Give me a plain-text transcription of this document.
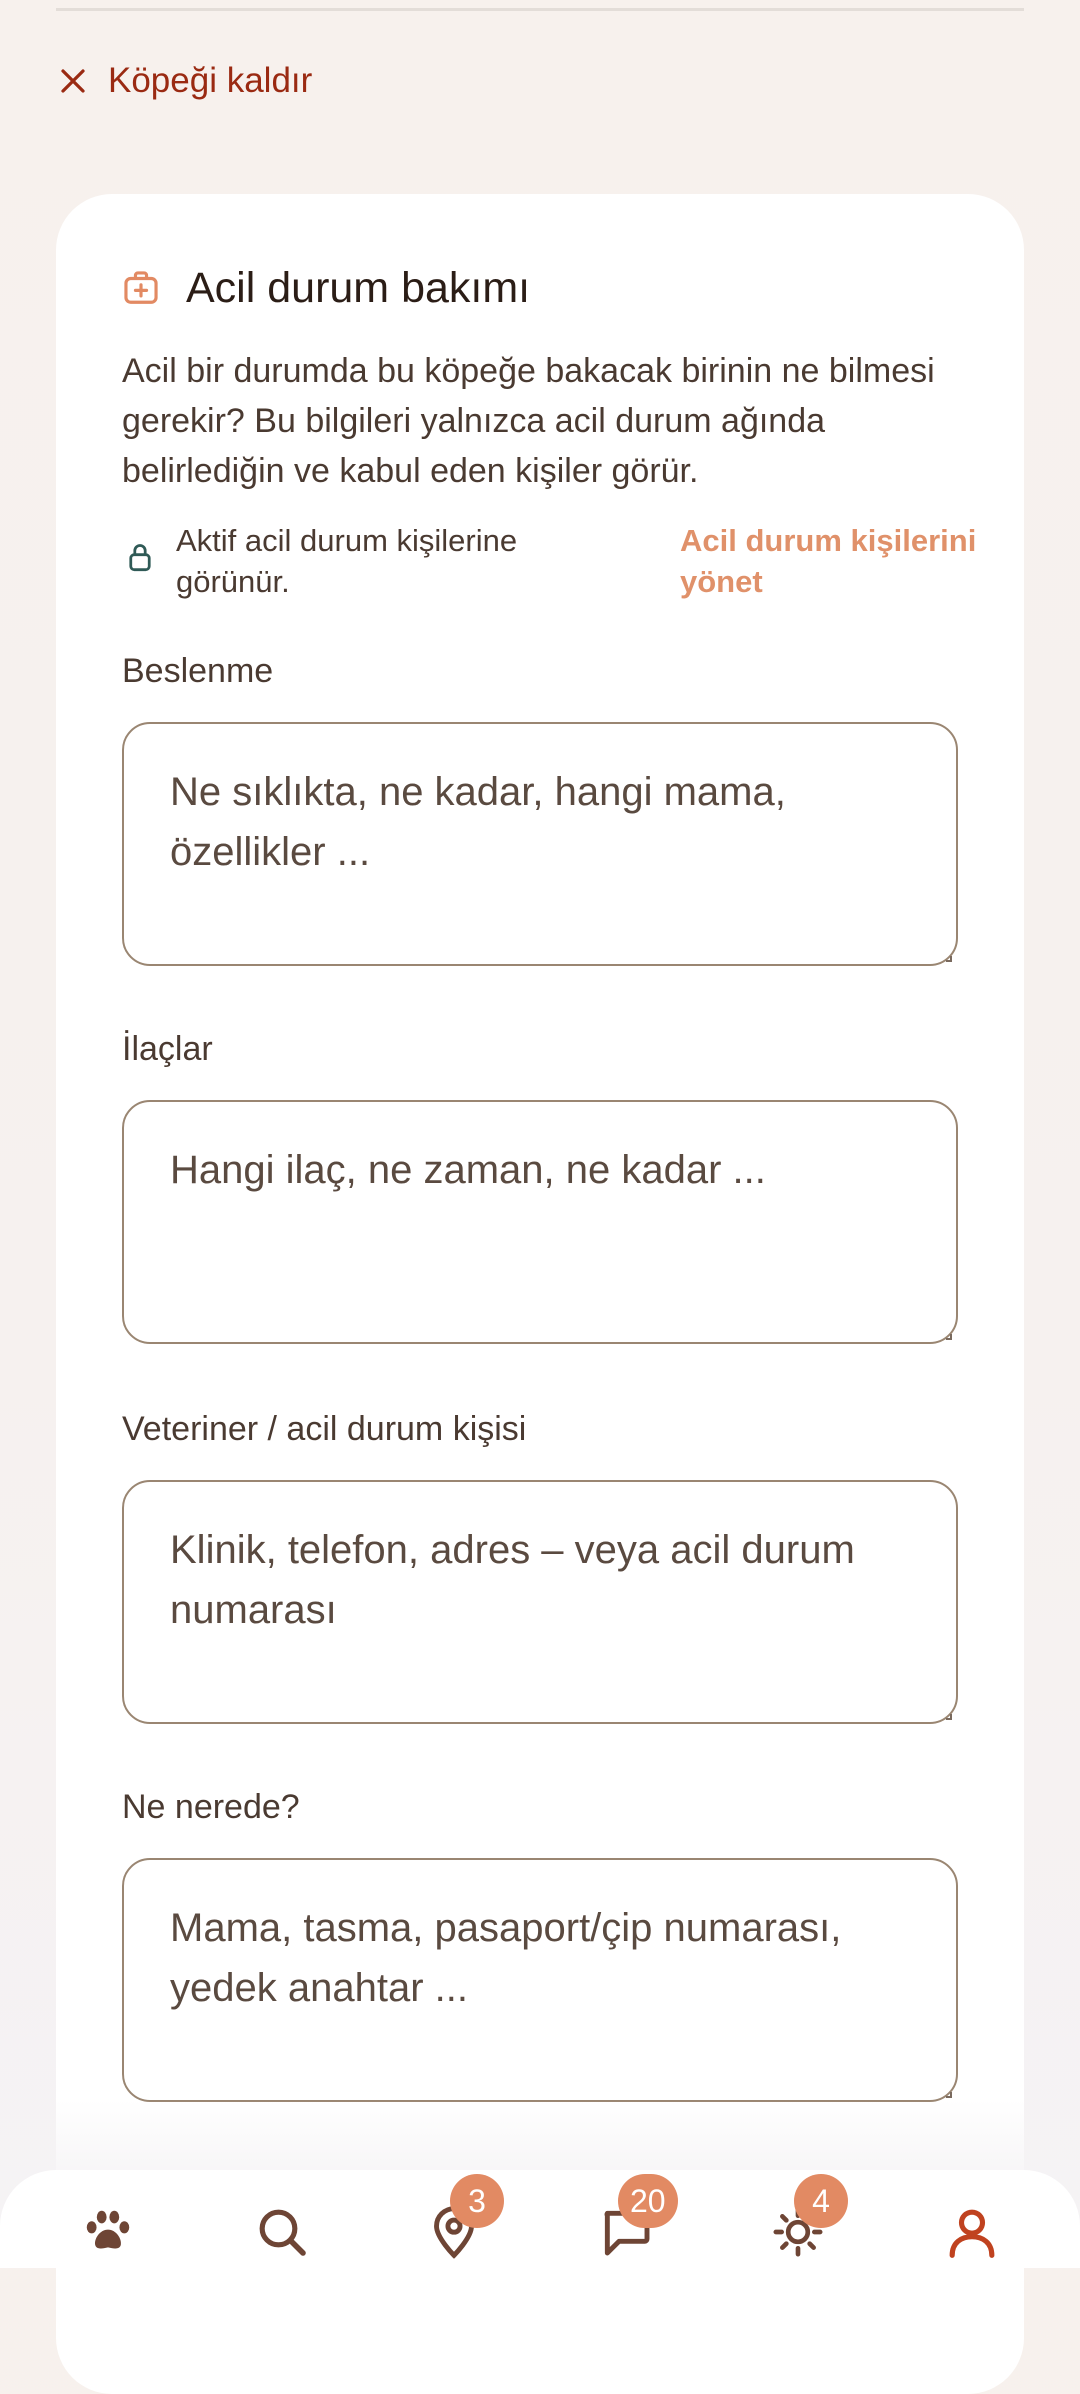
Köpeği kaldır
Acil durum bakımı

Acil bir durumda bu köpeğe bakacak birinin ne bilmesi gerekir? Bu bilgileri yalnızca acil durum ağında belirlediğin ve kabul eden kişiler görür.

Aktif acil durum kişilerine görünür.
Acil durum kişilerini yönet
Beslenme
Ne sıklıkta, ne kadar, hangi mama, özellikler ...
İlaçlar
Hangi ilaç, ne zaman, ne kadar ...
Veteriner / acil durum kişisi
Klinik, telefon, adres – veya acil durum numarası
Ne nerede?
Mama, tasma, pasaport/çip numarası, yedek anahtar ...
3	20	4
